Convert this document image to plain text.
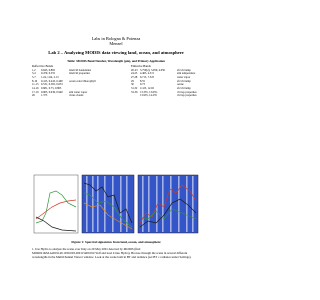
Labs in Bologna & Potenza
Menzel
Lab 2 – Analyzing MODIS data viewing land, ocean, and atmosphere
Table: MODIS Band Number, Wavelength (μm), and Primary Application
Reflective Bands
1,2 0.645, 0.865	land/cld boundaries
3,4 0.470, 0.555	land/cld properties
5-7 1.24, 1.64, 2.13
8-10 0.415, 0.443, 0.490 ocean color/chlorophyll
11-13 0.531, 0.565, 0.653
14-16 0.681, 0.75, 0.865
17-19 0.905, 0.936, 0.940 atm water vapor
26 1.375	cirrus clouds
Emissive Bands
20-23 3.750(2), 3.959, 4.050	sfc/cld temp
24,25 4.465, 4.515	atm temperature
27,28 6.715, 7.325	water vapor
29 8.55	sfc/cld temp
30 9.73	ozone
31,32 11.03, 12.02	sfc/cld temp
33-36 13.335, 13.635,	cld top properties
13.935, 14.235	cld top properties
Figure 1: Spectral signatures from land, ocean, and atmosphere
1. Use Hydra to analyze the scene over Italy on 29 May 2001 detected by MODIS (find MOD021KM.A2001149.1030.003.2001154001917.hdf and load it into Hydra). Browse through the scene in several different wavelengths in the MultiChannel Viewer window. Look at the scene both in BT and radiance (set BT = radiance under Settings).
